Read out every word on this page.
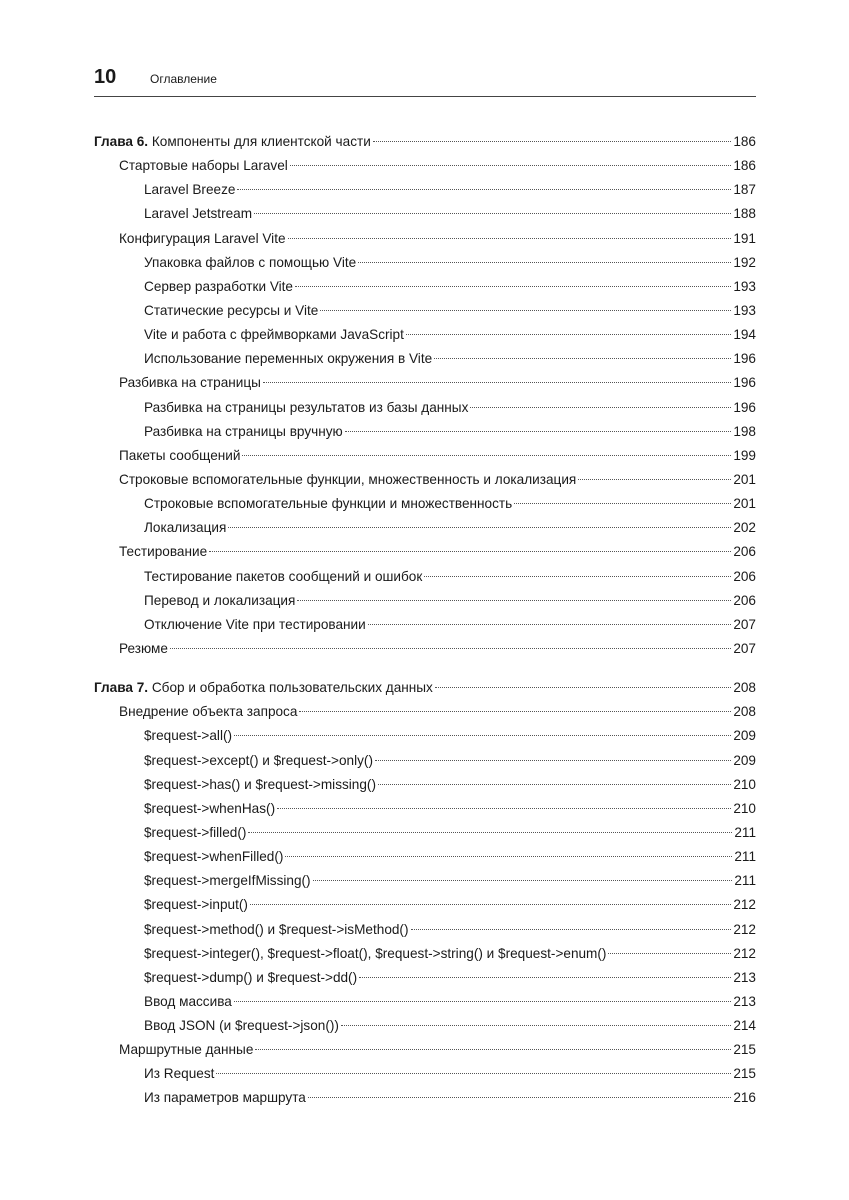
10	Оглавление
Глава 6. Компоненты для клиентской части	186
Стартовые наборы Laravel	186
Laravel Breeze	187
Laravel Jetstream	188
Конфигурация Laravel Vite	191
Упаковка файлов с помощью Vite	192
Сервер разработки Vite	193
Статические ресурсы и Vite	193
Vite и работа с фреймворками JavaScript	194
Использование переменных окружения в Vite	196
Разбивка на страницы	196
Разбивка на страницы результатов из базы данных	196
Разбивка на страницы вручную	198
Пакеты сообщений	199
Строковые вспомогательные функции, множественность и локализация	201
Строковые вспомогательные функции и множественность	201
Локализация	202
Тестирование	206
Тестирование пакетов сообщений и ошибок	206
Перевод и локализация	206
Отключение Vite при тестировании	207
Резюме	207
Глава 7. Сбор и обработка пользовательских данных	208
Внедрение объекта запроса	208
$request->all()	209
$request->except() и $request->only()	209
$request->has() и $request->missing()	210
$request->whenHas()	210
$request->filled()	211
$request->whenFilled()	211
$request->mergeIfMissing()	211
$request->input()	212
$request->method() и $request->isMethod()	212
$request->integer(), $request->float(), $request->string() и $request->enum()	212
$request->dump() и $request->dd()	213
Ввод массива	213
Ввод JSON (и $request->json())	214
Маршрутные данные	215
Из Request	215
Из параметров маршрута	216
